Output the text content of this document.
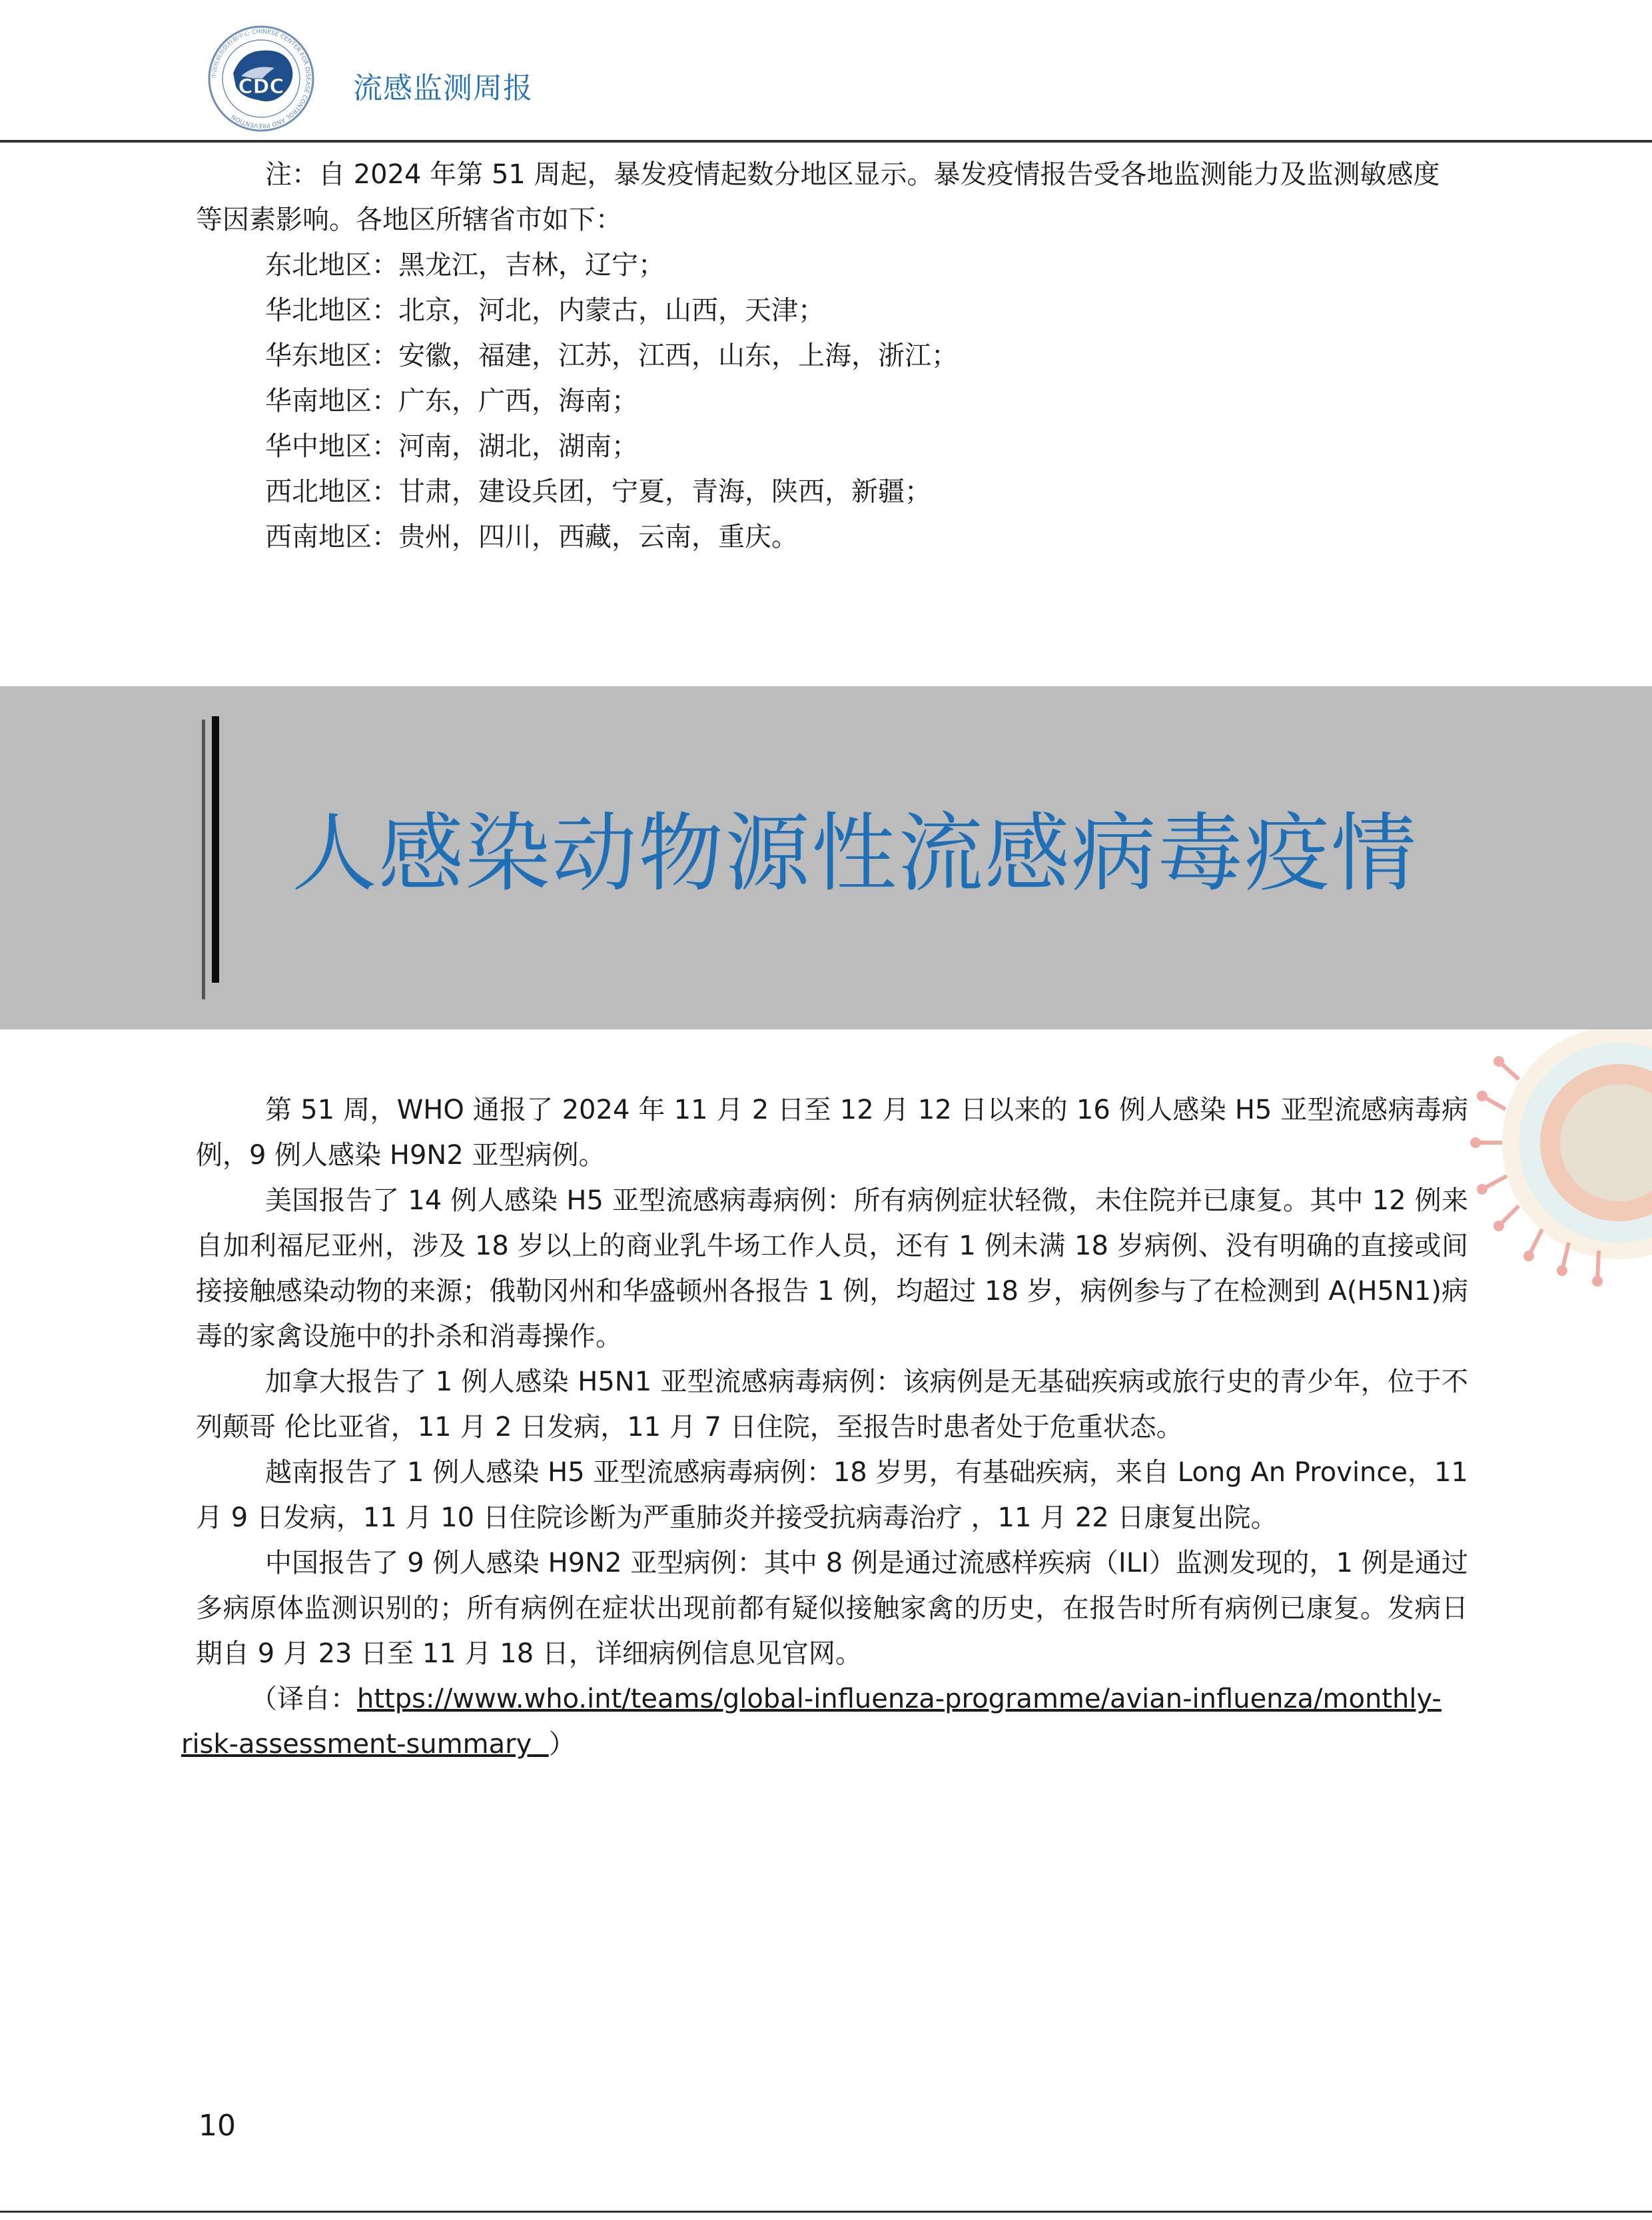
中国疾病预防控制中心 CHINESE CENTER FOR DISEASE CONTROL AND PREVENTION
CDC 流感监测周报
注：自 2024 年第 51 周起，暴发疫情起数分地区显示。暴发疫情报告受各地监测能力及监测敏感度
等因素影响。各地区所辖省市如下：
东北地区：黑龙江，吉林，辽宁；
华北地区：北京，河北，内蒙古，山西，天津；
华东地区：安徽，福建，江苏，江西，山东，上海，浙江；
华南地区：广东，广西，海南；
华中地区：河南，湖北，湖南；
西北地区：甘肃，建设兵团，宁夏，青海，陕西，新疆；
西南地区：贵州，四川，西藏，云南，重庆。
人感染动物源性流感病毒疫情

第 51 周，WHO 通报了 2024 年 11 月 2 日至 12 月 12 日以来的 16 例人感染 H5 亚型流感病毒病例，9 例人感染 H9N2 亚型病例。

美国报告了 14 例人感染 H5 亚型流感病毒病例：所有病例症状轻微，未住院并已康复。其中 12 例来自加利福尼亚州，涉及 18 岁以上的商业乳牛场工作人员，还有 1 例未满 18 岁病例、没有明确的直接或间接接触感染动物的来源；俄勒冈州和华盛顿州各报告 1 例，均超过 18 岁，病例参与了在检测到 A(H5N1)病毒的家禽设施中的扑杀和消毒操作。

加拿大报告了 1 例人感染 H5N1 亚型流感病毒病例：该病例是无基础疾病或旅行史的青少年，位于不列颠哥 伦比亚省，11 月 2 日发病，11 月 7 日住院，至报告时患者处于危重状态。

越南报告了 1 例人感染 H5 亚型流感病毒病例：18 岁男，有基础疾病，来自 Long An Province，11 月 9 日发病，11 月 10 日住院诊断为严重肺炎并接受抗病毒治疗 ，11 月 22 日康复出院。

中国报告了 9 例人感染 H9N2 亚型病例：其中 8 例是通过流感样疾病（ILI）监测发现的，1 例是通过多病原体监测识别的；所有病例在症状出现前都有疑似接触家禽的历史，在报告时所有病例已康复。发病日期自 9 月 23 日至 11 月 18 日，详细病例信息见官网。

（译自：https://www.who.int/teams/global-influenza-programme/avian-influenza/monthly-
risk-assessment-summary ）
10
